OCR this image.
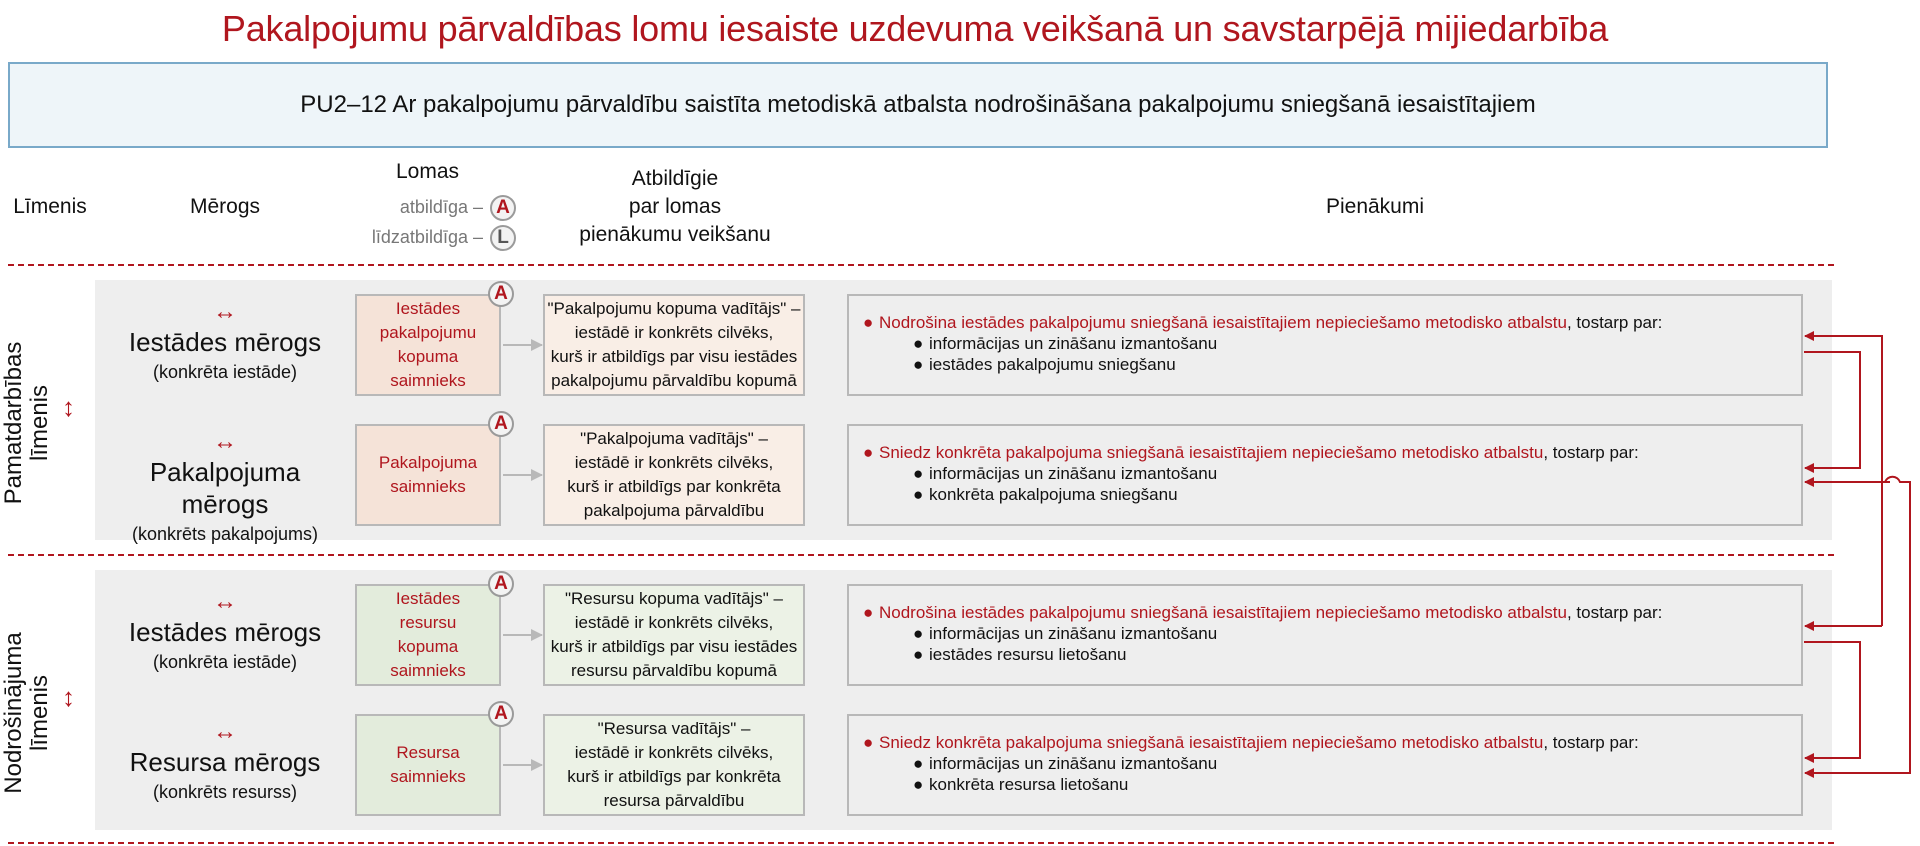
Pakalpojumu pārvaldības lomu iesaiste uzdevuma veikšanā un savstarpējā mijiedarbība
PU2–12 Ar pakalpojumu pārvaldību saistīta metodiskā atbalsta nodrošināšana pakalpojumu sniegšanā iesaistītajiem
Līmenis	Mērogs
Lomas
atbildīga – A
līdzatbildīga – L
Atbildīgie
par lomas
pienākumu veikšanu
Pienākumi
Pamatdarbības līmenis ↕
Nodrošinājuma līmenis ↕
↔
Iestādes mērogs
(konkrēta iestāde)
Iestādes
pakalpojumu
kopuma
saimnieks
A
"Pakalpojumu kopuma vadītājs" –
iestādē ir konkrēts cilvēks,
kurš ir atbildīgs par visu iestādes
pakalpojumu pārvaldību kopumā
● Nodrošina iestādes pakalpojumu sniegšanā iesaistītajiem nepieciešamo metodisko atbalstu, tostarp par:
● informācijas un zināšanu izmantošanu
● iestādes pakalpojumu sniegšanu
↔
Pakalpojuma mērogs
(konkrēts pakalpojums)
Pakalpojuma
saimnieks
A
"Pakalpojuma vadītājs" –
iestādē ir konkrēts cilvēks,
kurš ir atbildīgs par konkrēta
pakalpojuma pārvaldību
● Sniedz konkrēta pakalpojuma sniegšanā iesaistītajiem nepieciešamo metodisko atbalstu, tostarp par:
● informācijas un zināšanu izmantošanu
● konkrēta pakalpojuma sniegšanu
↔
Iestādes mērogs
(konkrēta iestāde)
Iestādes
resursu
kopuma
saimnieks
A
"Resursu kopuma vadītājs" –
iestādē ir konkrēts cilvēks,
kurš ir atbildīgs par visu iestādes
resursu pārvaldību kopumā
● Nodrošina iestādes pakalpojumu sniegšanā iesaistītajiem nepieciešamo metodisko atbalstu, tostarp par:
● informācijas un zināšanu izmantošanu
● iestādes resursu lietošanu
↔
Resursa mērogs
(konkrēts resurss)
Resursa
saimnieks
A
"Resursa vadītājs" –
iestādē ir konkrēts cilvēks,
kurš ir atbildīgs par konkrēta
resursa pārvaldību
● Sniedz konkrēta pakalpojuma sniegšanā iesaistītajiem nepieciešamo metodisko atbalstu, tostarp par:
● informācijas un zināšanu izmantošanu
● konkrēta resursa lietošanu
